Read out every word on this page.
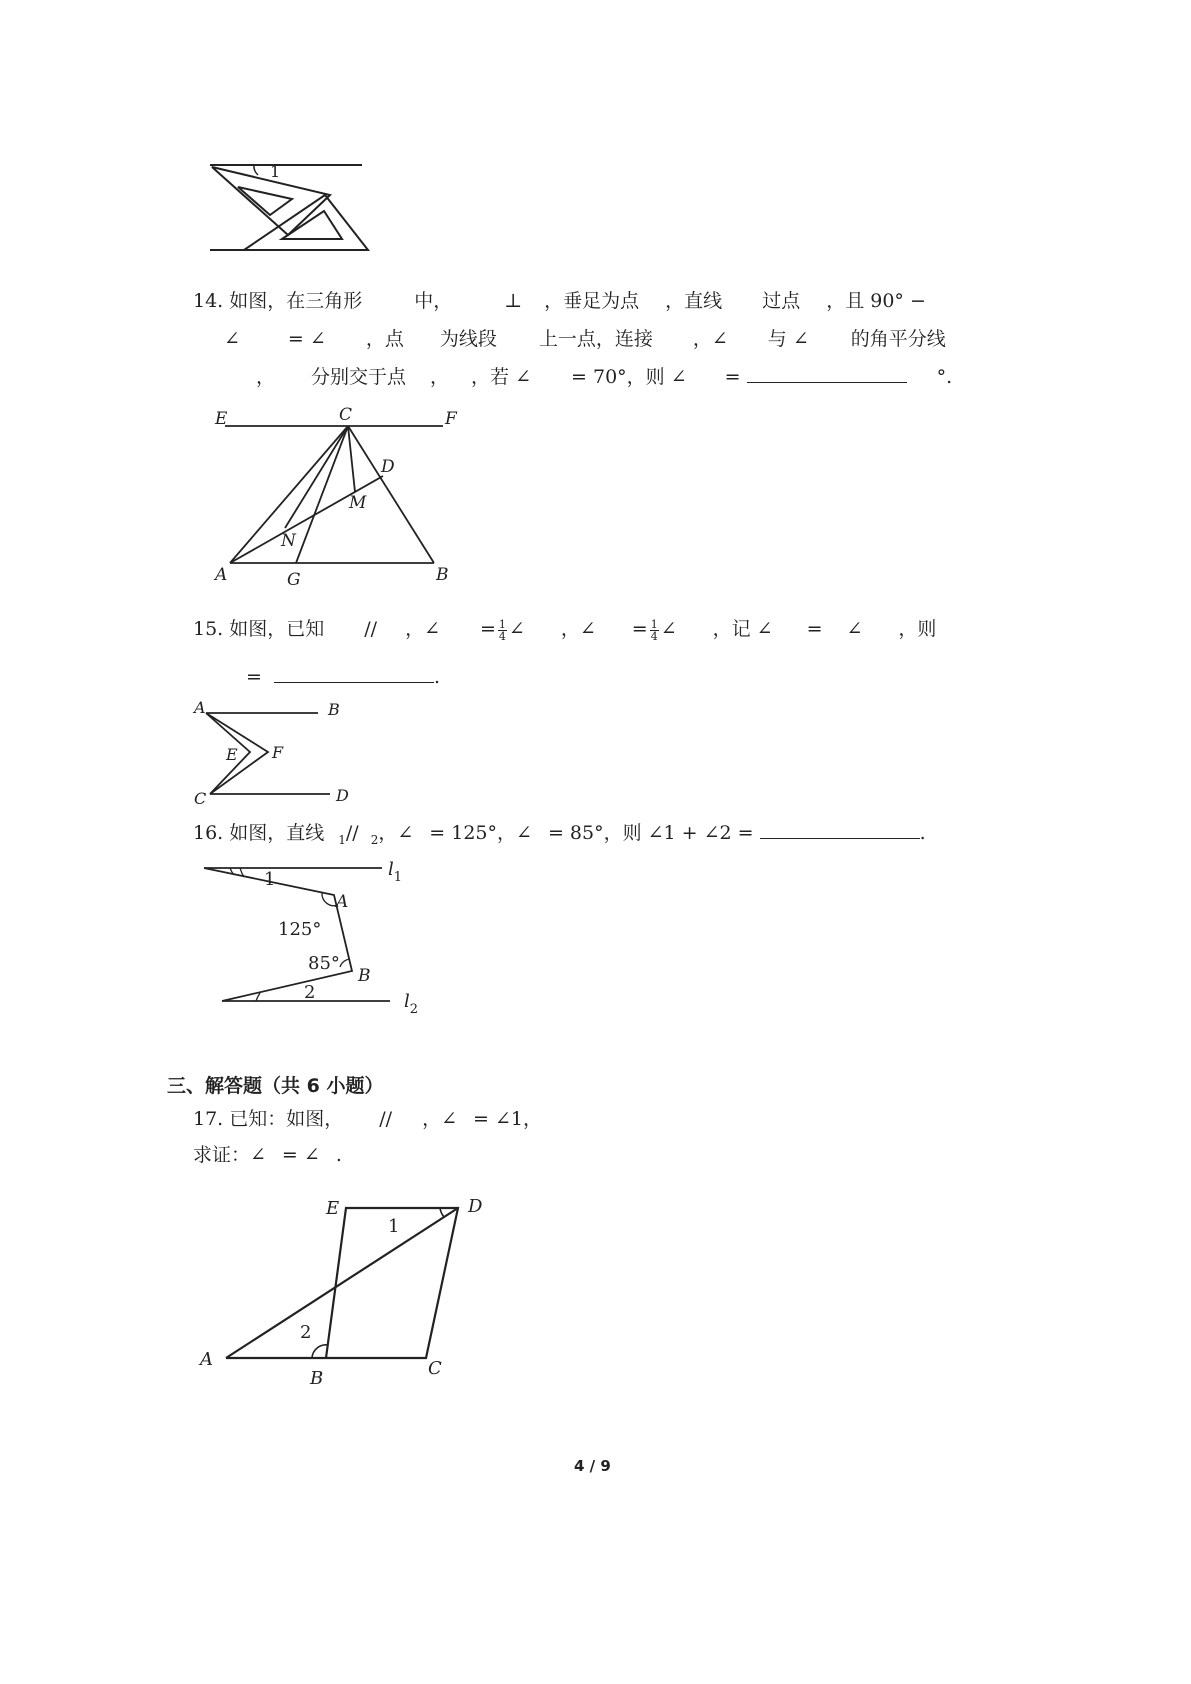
1
14. 如图，在三角形	中，	⊥ ，垂足为点 ，直线 过点 ，且 90° −
∠	= ∠ ，点 为线段 上一点，连接 ，∠ 与 ∠ 的角平分线
， 分别交于点 ， ，若 ∠ = 70°，则 ∠ =	°.
E	C	F
D
M
N
A	G	B
15. 如图，已知 // ，∠ = $\frac{1}{4}$ ∠ ，∠ = $\frac{1}{4}$ ∠ ，记 ∠ = ∠ ，则
=	.
A	B
E F
C	D
16. 如图，直线 $_1$// $_2$，∠ = 125°，∠ = 85°，则 ∠1 + ∠2 =	.
$l_1$
1
A
125°
85°
B
2	$l_2$
三、解答题（共 6 小题）
17. 已知：如图， // ，∠ = ∠1，
求证：∠ = ∠ .
E	D
1
2
A
B	C
4 / 9
